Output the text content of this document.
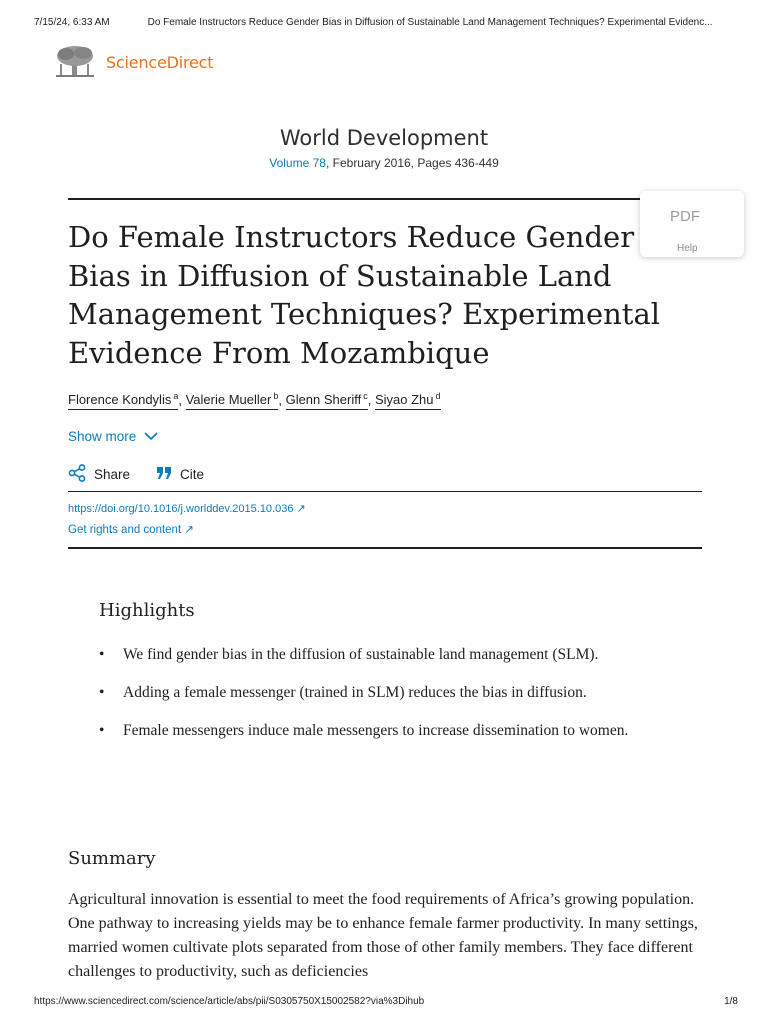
7/15/24, 6:33 AM	Do Female Instructors Reduce Gender Bias in Diffusion of Sustainable Land Management Techniques? Experimental Evidenc...
ScienceDirect
World Development
Volume 78, February 2016, Pages 436-449
PDF
Help
Do Female Instructors Reduce Gender Bias in Diffusion of Sustainable Land Management Techniques? Experimental Evidence From Mozambique
Florence Kondylis $^a$, Valerie Mueller $^b$, Glenn Sheriff $^c$, Siyao Zhu $^d$
Show more
Share	Cite
https://doi.org/10.1016/j.worlddev.2015.10.036 ↗
Get rights and content ↗
Highlights
• We find gender bias in the diffusion of sustainable land management (SLM).
• Adding a female messenger (trained in SLM) reduces the bias in diffusion.
• Female messengers induce male messengers to increase dissemination to women.
Summary

Agricultural innovation is essential to meet the food requirements of Africa’s growing population. One pathway to increasing yields may be to enhance female farmer productivity. In many settings, married women cultivate plots separated from those of other family members. They face different challenges to productivity, such as deficiencies

https://www.sciencedirect.com/science/article/abs/pii/S0305750X15002582?via%3Dihub	1/8
